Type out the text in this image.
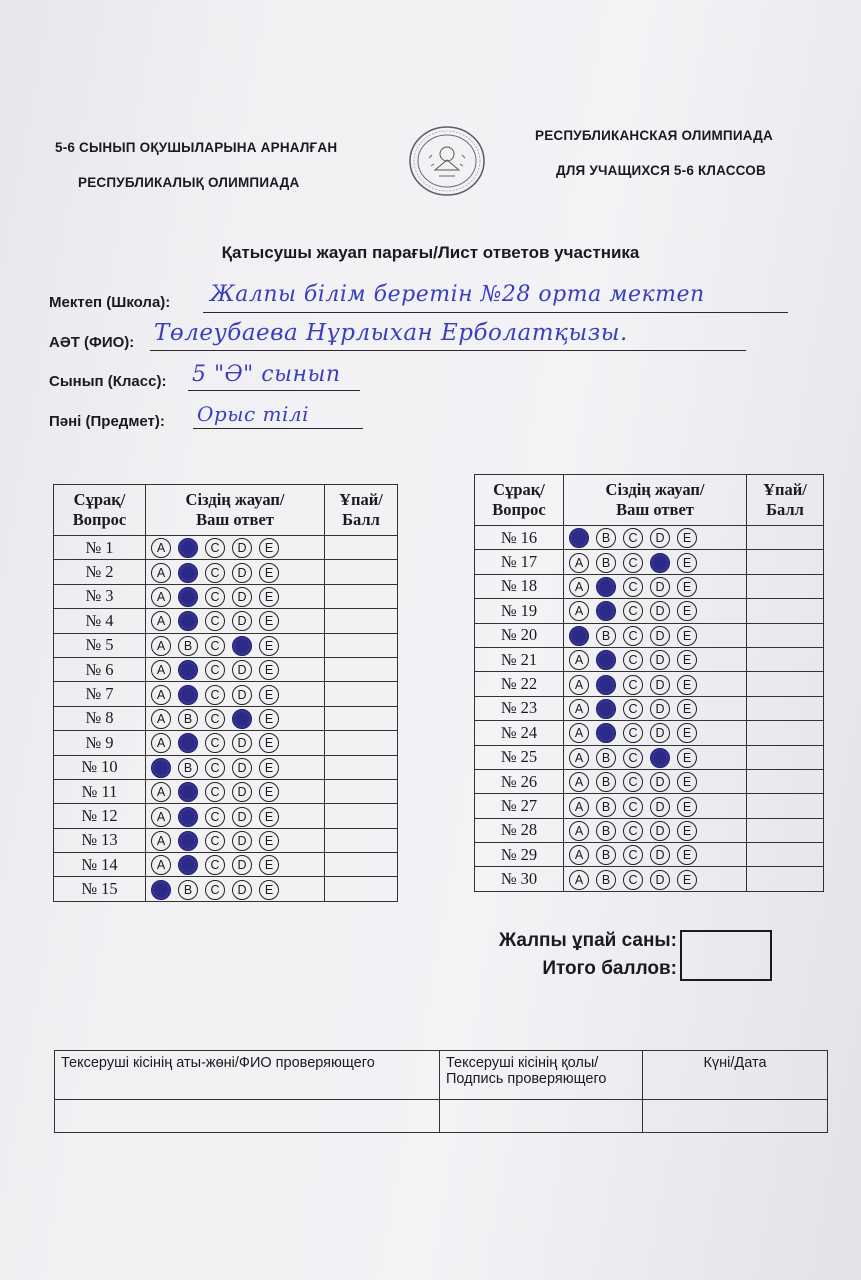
5-6 СЫНЫП ОҚУШЫЛАРЫНА АРНАЛҒАН
РЕСПУБЛИКАЛЫҚ ОЛИМПИАДА
РЕСПУБЛИКАНСКАЯ ОЛИМПИАДА
ДЛЯ УЧАЩИХСЯ 5-6 КЛАССОВ
Қатысушы жауап парағы/Лист ответов участника
Мектеп (Школа): Жалпы білім беретін №28 орта мектеп
АӘТ (ФИО): Төлеубаева Нұрлыхан Ерболатқызы.
Сынып (Класс): 5 "Ә" сынып
Пәні (Предмет): Орыс тілі
Сұрақ/
Вопрос	Сіздің жауап/
Ваш ответ	Ұпай/
Балл
№ 1	A C D E	
№ 2	A C D E	
№ 3	A C D E	
№ 4	A C D E	
№ 5	A B C E	
№ 6	A C D E	
№ 7	A C D E	
№ 8	A B C E	
№ 9	A C D E	
№ 10	B C D E	
№ 11	A C D E	
№ 12	A C D E	
№ 13	A C D E	
№ 14	A C D E	
№ 15	B C D E	
Сұрақ/
Вопрос	Сіздің жауап/
Ваш ответ	Ұпай/
Балл
№ 16	B C D E	
№ 17	A B C E	
№ 18	A C D E	
№ 19	A C D E	
№ 20	B C D E	
№ 21	A C D E	
№ 22	A C D E	
№ 23	A C D E	
№ 24	A C D E	
№ 25	A B C E	
№ 26	A B C D E	
№ 27	A B C D E	
№ 28	A B C D E	
№ 29	A B C D E	
№ 30	A B C D E	
Жалпы ұпай саны:
Итого баллов:
Тексеруші кісінің аты-жөні/ФИО проверяющего	Тексеруші кісінің қолы/
Подпись проверяющего	Күні/Дата
